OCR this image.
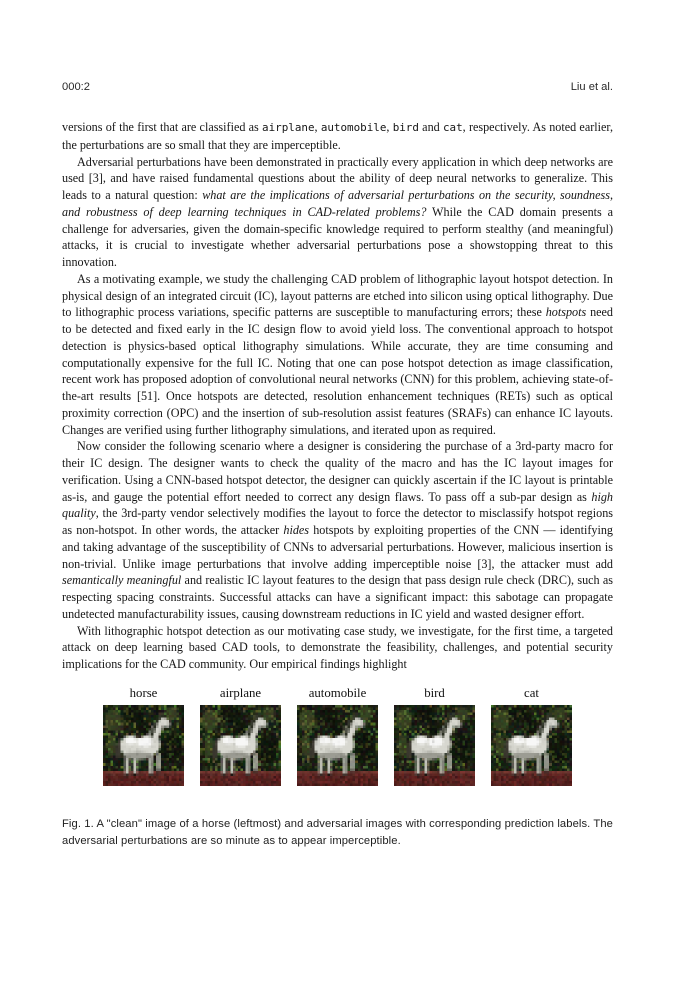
000:2	Liu et al.

versions of the first that are classified as airplane, automobile, bird and cat, respectively. As noted earlier, the perturbations are so small that they are imperceptible.

Adversarial perturbations have been demonstrated in practically every application in which deep networks are used [3], and have raised fundamental questions about the ability of deep neural networks to generalize. This leads to a natural question: what are the implications of adversarial perturbations on the security, soundness, and robustness of deep learning techniques in CAD-related problems? While the CAD domain presents a challenge for adversaries, given the domain-specific knowledge required to perform stealthy (and meaningful) attacks, it is crucial to investigate whether adversarial perturbations pose a showstopping threat to this innovation.

As a motivating example, we study the challenging CAD problem of lithographic layout hotspot detection. In physical design of an integrated circuit (IC), layout patterns are etched into silicon using optical lithography. Due to lithographic process variations, specific patterns are susceptible to manufacturing errors; these hotspots need to be detected and fixed early in the IC design flow to avoid yield loss. The conventional approach to hotspot detection is physics-based optical lithography simulations. While accurate, they are time consuming and computationally expensive for the full IC. Noting that one can pose hotspot detection as image classification, recent work has proposed adoption of convolutional neural networks (CNN) for this problem, achieving state-of-the-art results [51]. Once hotspots are detected, resolution enhancement techniques (RETs) such as optical proximity correction (OPC) and the insertion of sub-resolution assist features (SRAFs) can enhance IC layouts. Changes are verified using further lithography simulations, and iterated upon as required.

Now consider the following scenario where a designer is considering the purchase of a 3rd-party macro for their IC design. The designer wants to check the quality of the macro and has the IC layout images for verification. Using a CNN-based hotspot detector, the designer can quickly ascertain if the IC layout is printable as-is, and gauge the potential effort needed to correct any design flaws. To pass off a sub-par design as high quality, the 3rd-party vendor selectively modifies the layout to force the detector to misclassify hotspot regions as non-hotspot. In other words, the attacker hides hotspots by exploiting properties of the CNN — identifying and taking advantage of the susceptibility of CNNs to adversarial perturbations. However, malicious insertion is non-trivial. Unlike image perturbations that involve adding imperceptible noise [3], the attacker must add semantically meaningful and realistic IC layout features to the design that pass design rule check (DRC), such as respecting spacing constraints. Successful attacks can have a significant impact: this sabotage can propagate undetected manufacturability issues, causing downstream reductions in IC yield and wasted designer effort.

With lithographic hotspot detection as our motivating case study, we investigate, for the first time, a targeted attack on deep learning based CAD tools, to demonstrate the feasibility, challenges, and potential security implications for the CAD community. Our empirical findings highlight

horse	airplane	automobile	bird	cat
Fig. 1. A "clean" image of a horse (leftmost) and adversarial images with corresponding prediction labels. The adversarial perturbations are so minute as to appear imperceptible.
